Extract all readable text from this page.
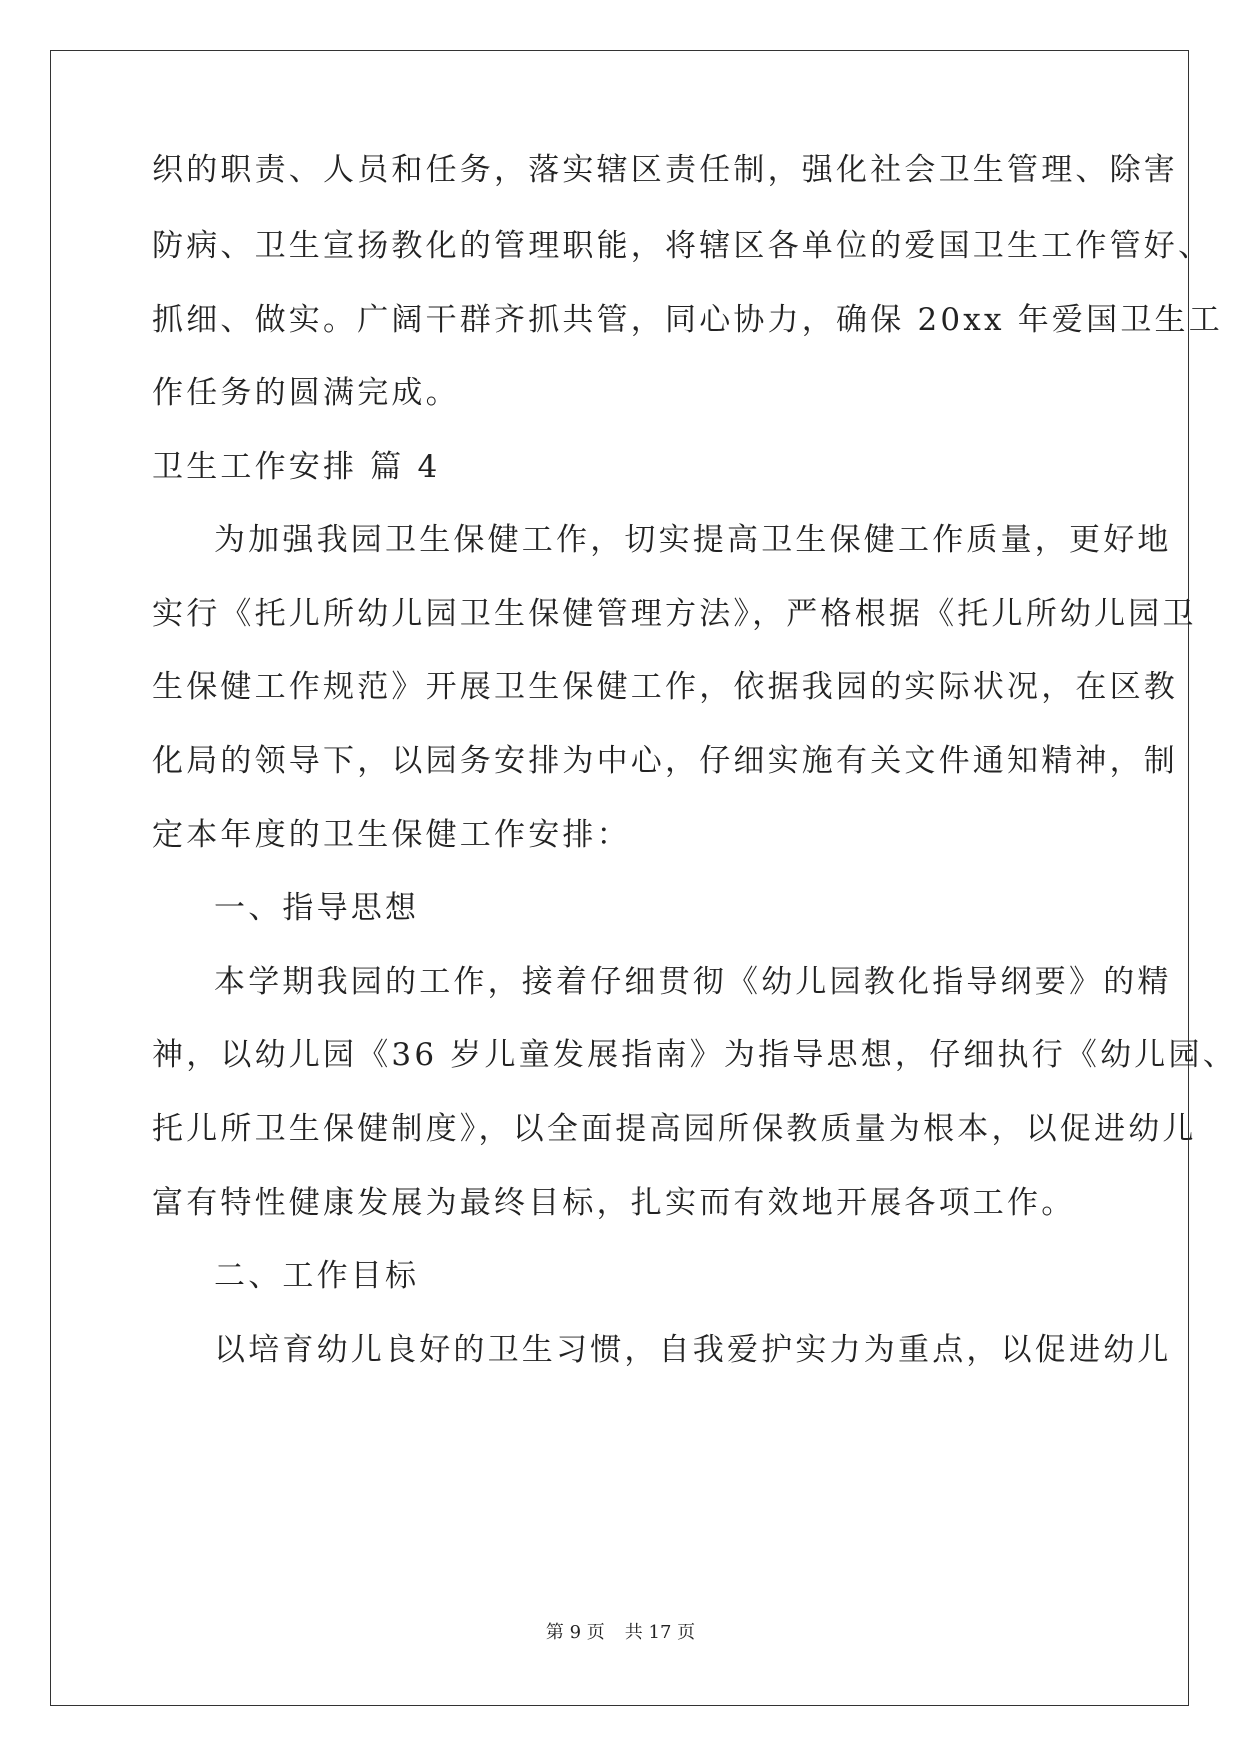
织的职责、人员和任务，落实辖区责任制，强化社会卫生管理、除害
防病、卫生宣扬教化的管理职能，将辖区各单位的爱国卫生工作管好、
抓细、做实。广阔干群齐抓共管，同心协力，确保 20xx 年爱国卫生工
作任务的圆满完成。
卫生工作安排 篇 4
为加强我园卫生保健工作，切实提高卫生保健工作质量，更好地
实行《托儿所幼儿园卫生保健管理方法》，严格根据《托儿所幼儿园卫
生保健工作规范》开展卫生保健工作，依据我园的实际状况，在区教
化局的领导下，以园务安排为中心，仔细实施有关文件通知精神，制
定本年度的卫生保健工作安排：
一、指导思想
本学期我园的工作，接着仔细贯彻《幼儿园教化指导纲要》的精
神，以幼儿园《36 岁儿童发展指南》为指导思想，仔细执行《幼儿园、
托儿所卫生保健制度》，以全面提高园所保教质量为根本，以促进幼儿
富有特性健康发展为最终目标，扎实而有效地开展各项工作。
二、工作目标
以培育幼儿良好的卫生习惯，自我爱护实力为重点，以促进幼儿
第 9 页 共 17 页
